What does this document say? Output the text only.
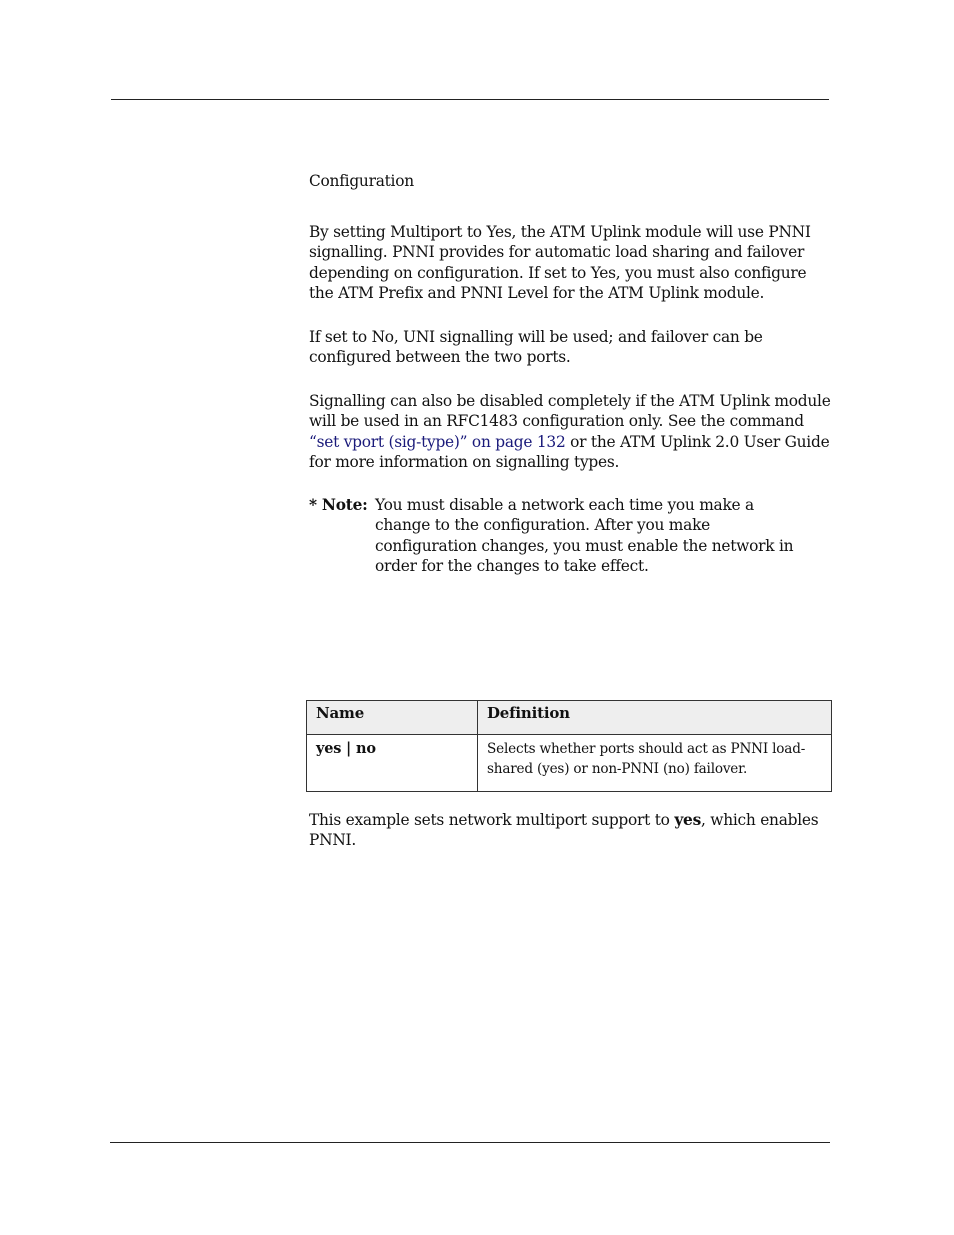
Configuration
By setting Multiport to Yes, the ATM Uplink module will use PNNI signalling. PNNI provides for automatic load sharing and failover depending on configuration. If set to Yes, you must also configure the ATM Prefix and PNNI Level for the ATM Uplink module.
If set to No, UNI signalling will be used; and failover can be configured between the two ports.
Signalling can also be disabled completely if the ATM Uplink module will be used in an RFC1483 configuration only. See the command “set vport (sig-type)” on page 132 or the ATM Uplink 2.0 User Guide for more information on signalling types.
* Note: You must disable a network each time you make a change to the configuration. After you make configuration changes, you must enable the network in order for the changes to take effect.
Name	Definition
yes | no	Selects whether ports should act as PNNI load-shared (yes) or non-PNNI (no) failover.
This example sets network multiport support to yes, which enables PNNI.
